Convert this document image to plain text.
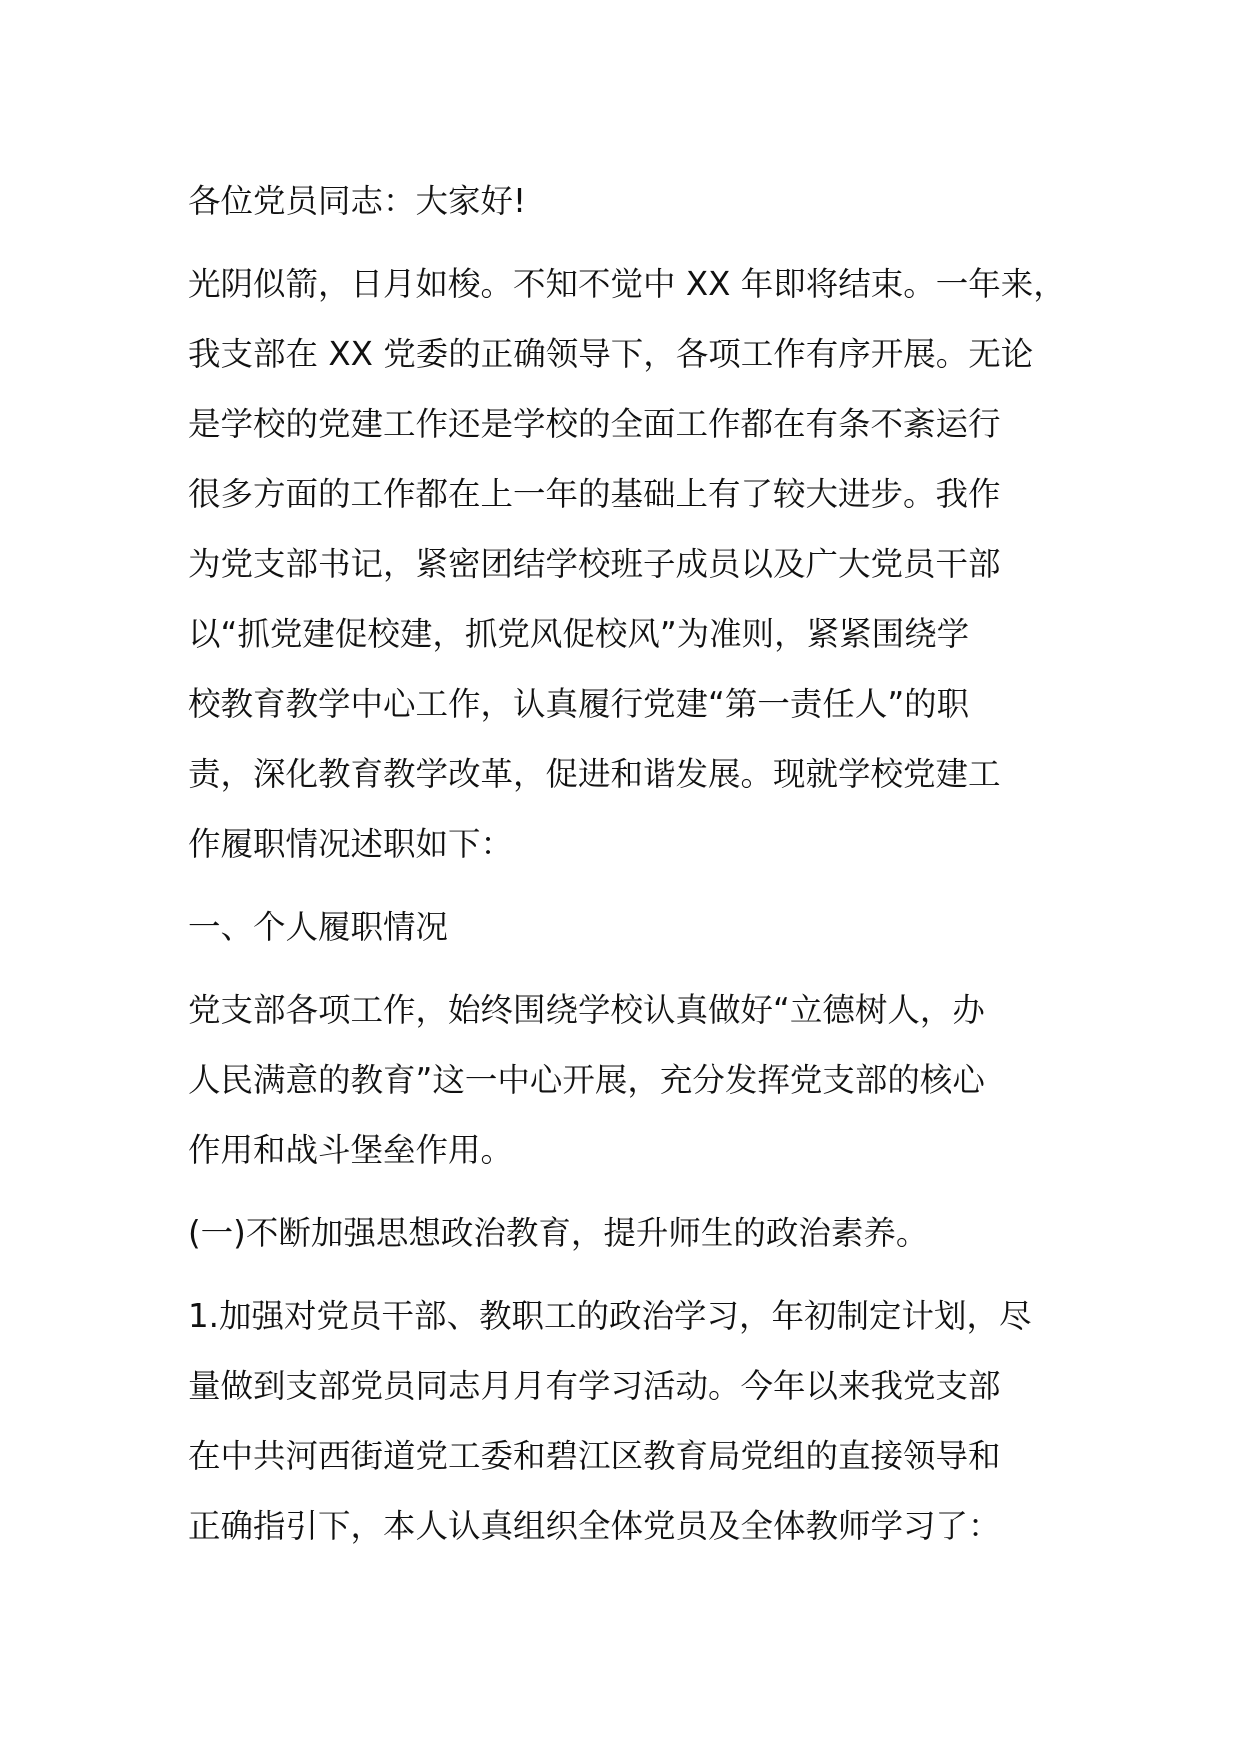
各位党员同志：大家好!

光阴似箭，日月如梭。不知不觉中 XX 年即将结束。一年来，
我支部在 XX 党委的正确领导下，各项工作有序开展。无论
是学校的党建工作还是学校的全面工作都在有条不紊运行
很多方面的工作都在上一年的基础上有了较大进步。我作
为党支部书记，紧密团结学校班子成员以及广大党员干部
以“抓党建促校建，抓党风促校风”为准则，紧紧围绕学
校教育教学中心工作，认真履行党建“第一责任人”的职
责，深化教育教学改革，促进和谐发展。现就学校党建工
作履职情况述职如下：

一、个人履职情况

党支部各项工作，始终围绕学校认真做好“立德树人，办
人民满意的教育”这一中心开展，充分发挥党支部的核心
作用和战斗堡垒作用。

(一)不断加强思想政治教育，提升师生的政治素养。

1.加强对党员干部、教职工的政治学习，年初制定计划，尽
量做到支部党员同志月月有学习活动。今年以来我党支部
在中共河西街道党工委和碧江区教育局党组的直接领导和
正确指引下，本人认真组织全体党员及全体教师学习了：
